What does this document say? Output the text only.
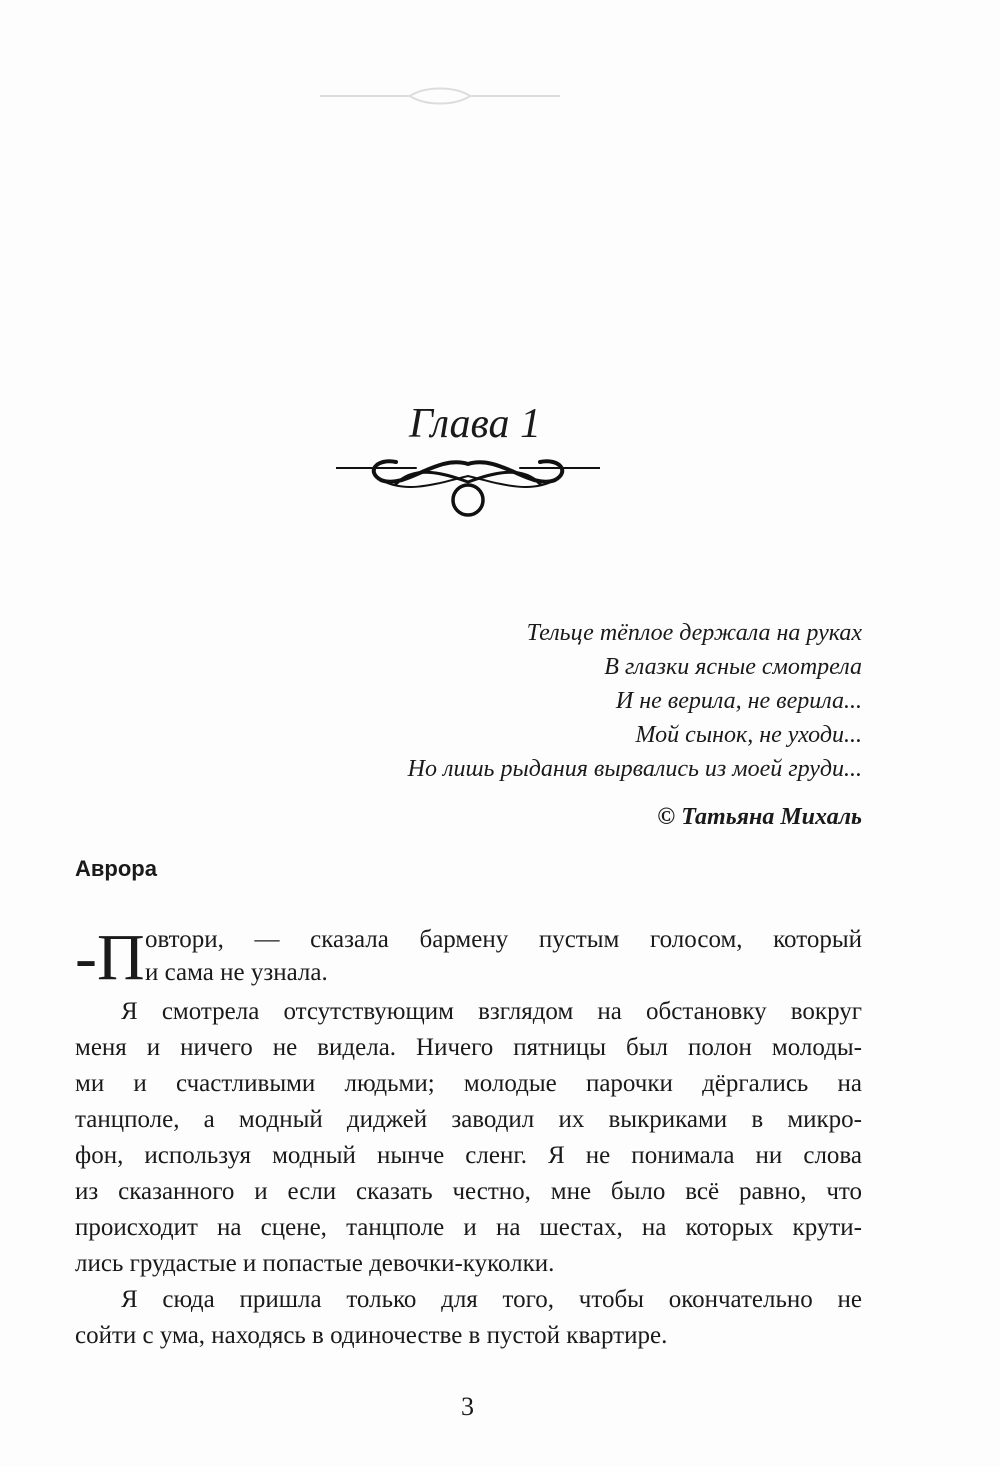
Глава 1
Тельце тёплое держала на руках
В глазки ясные смотрела
И не верила, не верила...
Мой сынок, не уходи...
Но лишь рыдания вырвались из моей груди...
© Татьяна Михаль
Аврора
-П овтори, — сказала бармену пустым голосом, который
и сама не узнала.
Я смотрела отсутствующим взглядом на обстановку вокруг
меня и ничего не видела. Ничего пятницы был полон молоды-
ми и счастливыми людьми; молодые парочки дёргались на
танцполе, а модный диджей заводил их выкриками в микро-
фон, используя модный нынче сленг. Я не понимала ни слова
из сказанного и если сказать честно, мне было всё равно, что
происходит на сцене, танцполе и на шестах, на которых крути-
лись грудастые и попастые девочки-куколки.
Я сюда пришла только для того, чтобы окончательно не
сойти с ума, находясь в одиночестве в пустой квартире.
3
